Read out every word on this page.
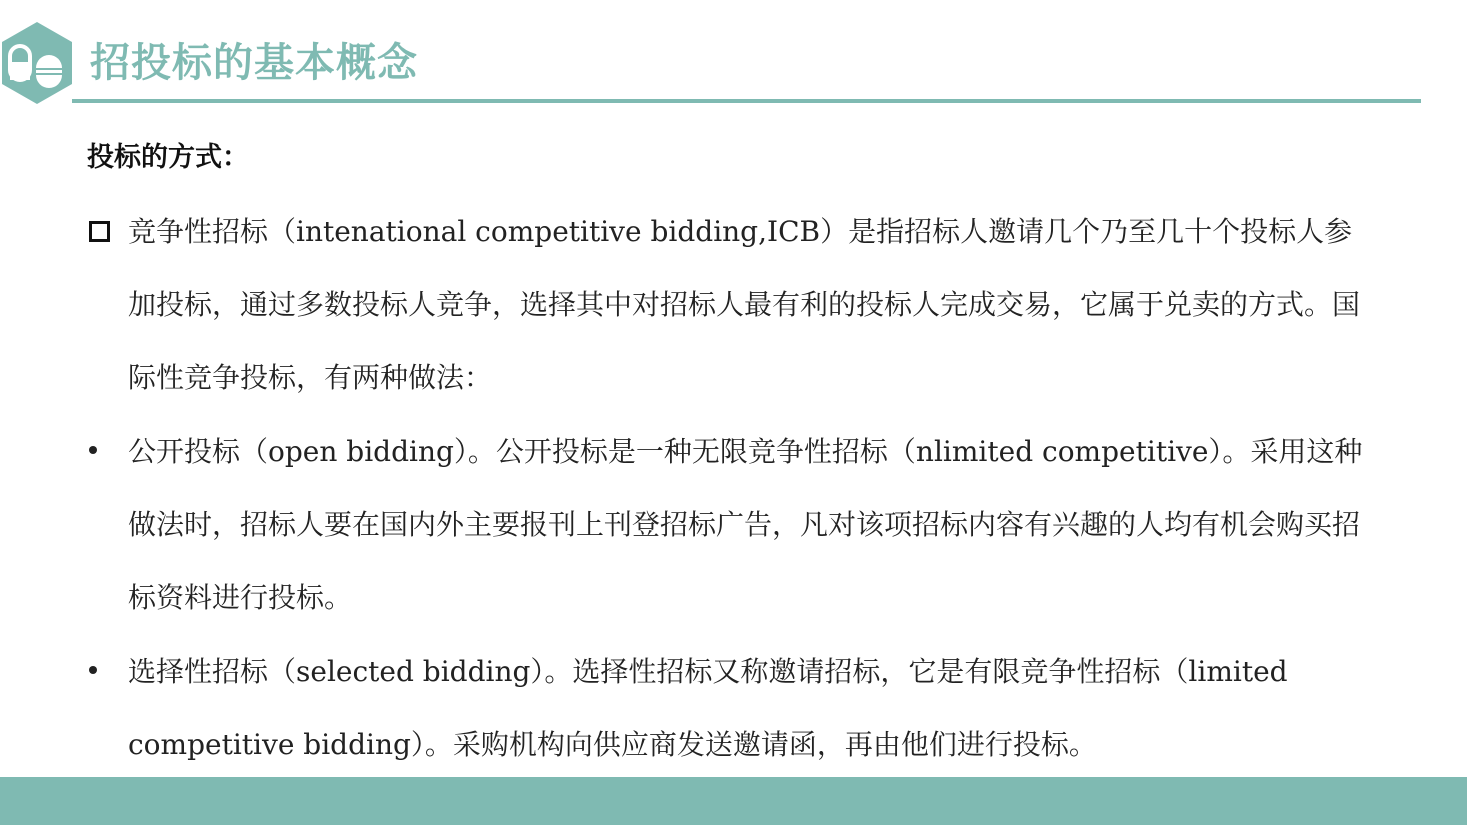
招投标的基本概念
投标的方式：
竞争性招标（intenational competitive bidding,ICB）是指招标人邀请几个乃至几十个投标人参加投标，通过多数投标人竞争，选择其中对招标人最有利的投标人完成交易，它属于兑卖的方式。国际性竞争投标，有两种做法：
公开投标（open bidding）。公开投标是一种无限竞争性招标（nlimited competitive）。采用这种做法时，招标人要在国内外主要报刊上刊登招标广告，凡对该项招标内容有兴趣的人均有机会购买招标资料进行投标。
选择性招标（selected bidding）。选择性招标又称邀请招标，它是有限竞争性招标（limited competitive bidding）。采购机构向供应商发送邀请函，再由他们进行投标。
